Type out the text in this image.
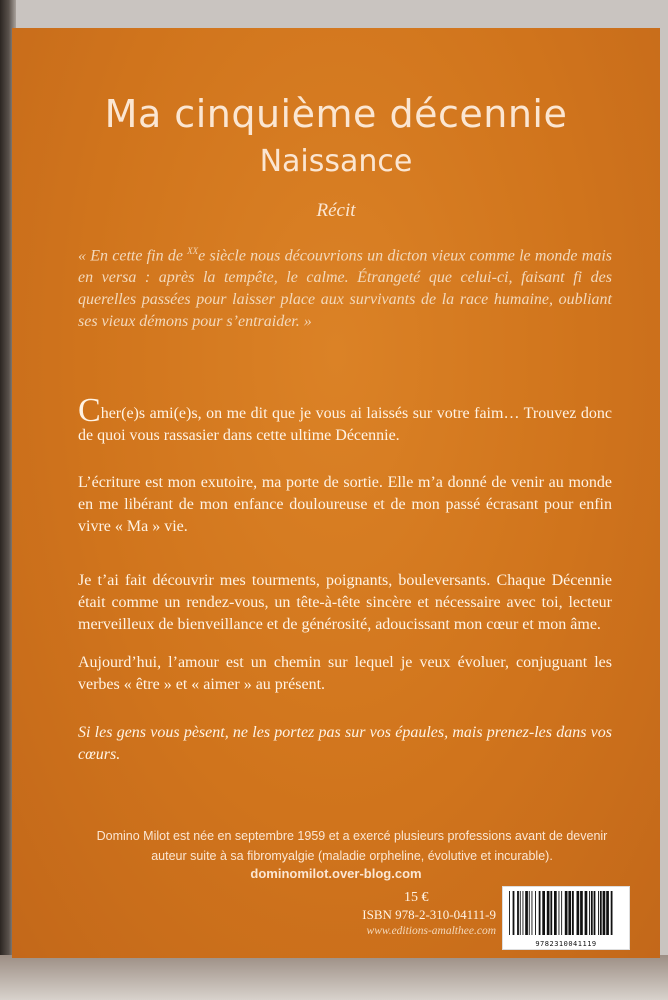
Ma cinquième décennie
Naissance
Récit

« En cette fin de $^{XX}$e siècle nous découvrions un dicton vieux comme le monde mais en versa : après la tempête, le calme. Étrangeté que celui-ci, faisant fi des querelles passées pour laisser place aux survivants de la race humaine, oubliant ses vieux démons pour s’entraider. »

Cher(e)s ami(e)s, on me dit que je vous ai laissés sur votre faim… Trouvez donc de quoi vous rassasier dans cette ultime Décennie.

L’écriture est mon exutoire, ma porte de sortie. Elle m’a donné de venir au monde en me libérant de mon enfance douloureuse et de mon passé écrasant pour enfin vivre « Ma » vie.

Je t’ai fait découvrir mes tourments, poignants, bouleversants. Chaque Décennie était comme un rendez-vous, un tête-à-tête sincère et nécessaire avec toi, lecteur merveilleux de bienveillance et de générosité, adoucissant mon cœur et mon âme.

Aujourd’hui, l’amour est un chemin sur lequel je veux évoluer, conjuguant les verbes « être » et « aimer » au présent.

Si les gens vous pèsent, ne les portez pas sur vos épaules, mais prenez-les dans vos cœurs.

Domino Milot est née en septembre 1959 et a exercé plusieurs professions avant de devenir auteur suite à sa fibromyalgie (maladie orpheline, évolutive et incurable).

dominomilot.over-blog.com
15 €
ISBN 978-2-310-04111-9
www.editions-amalthee.com
9782310041119
